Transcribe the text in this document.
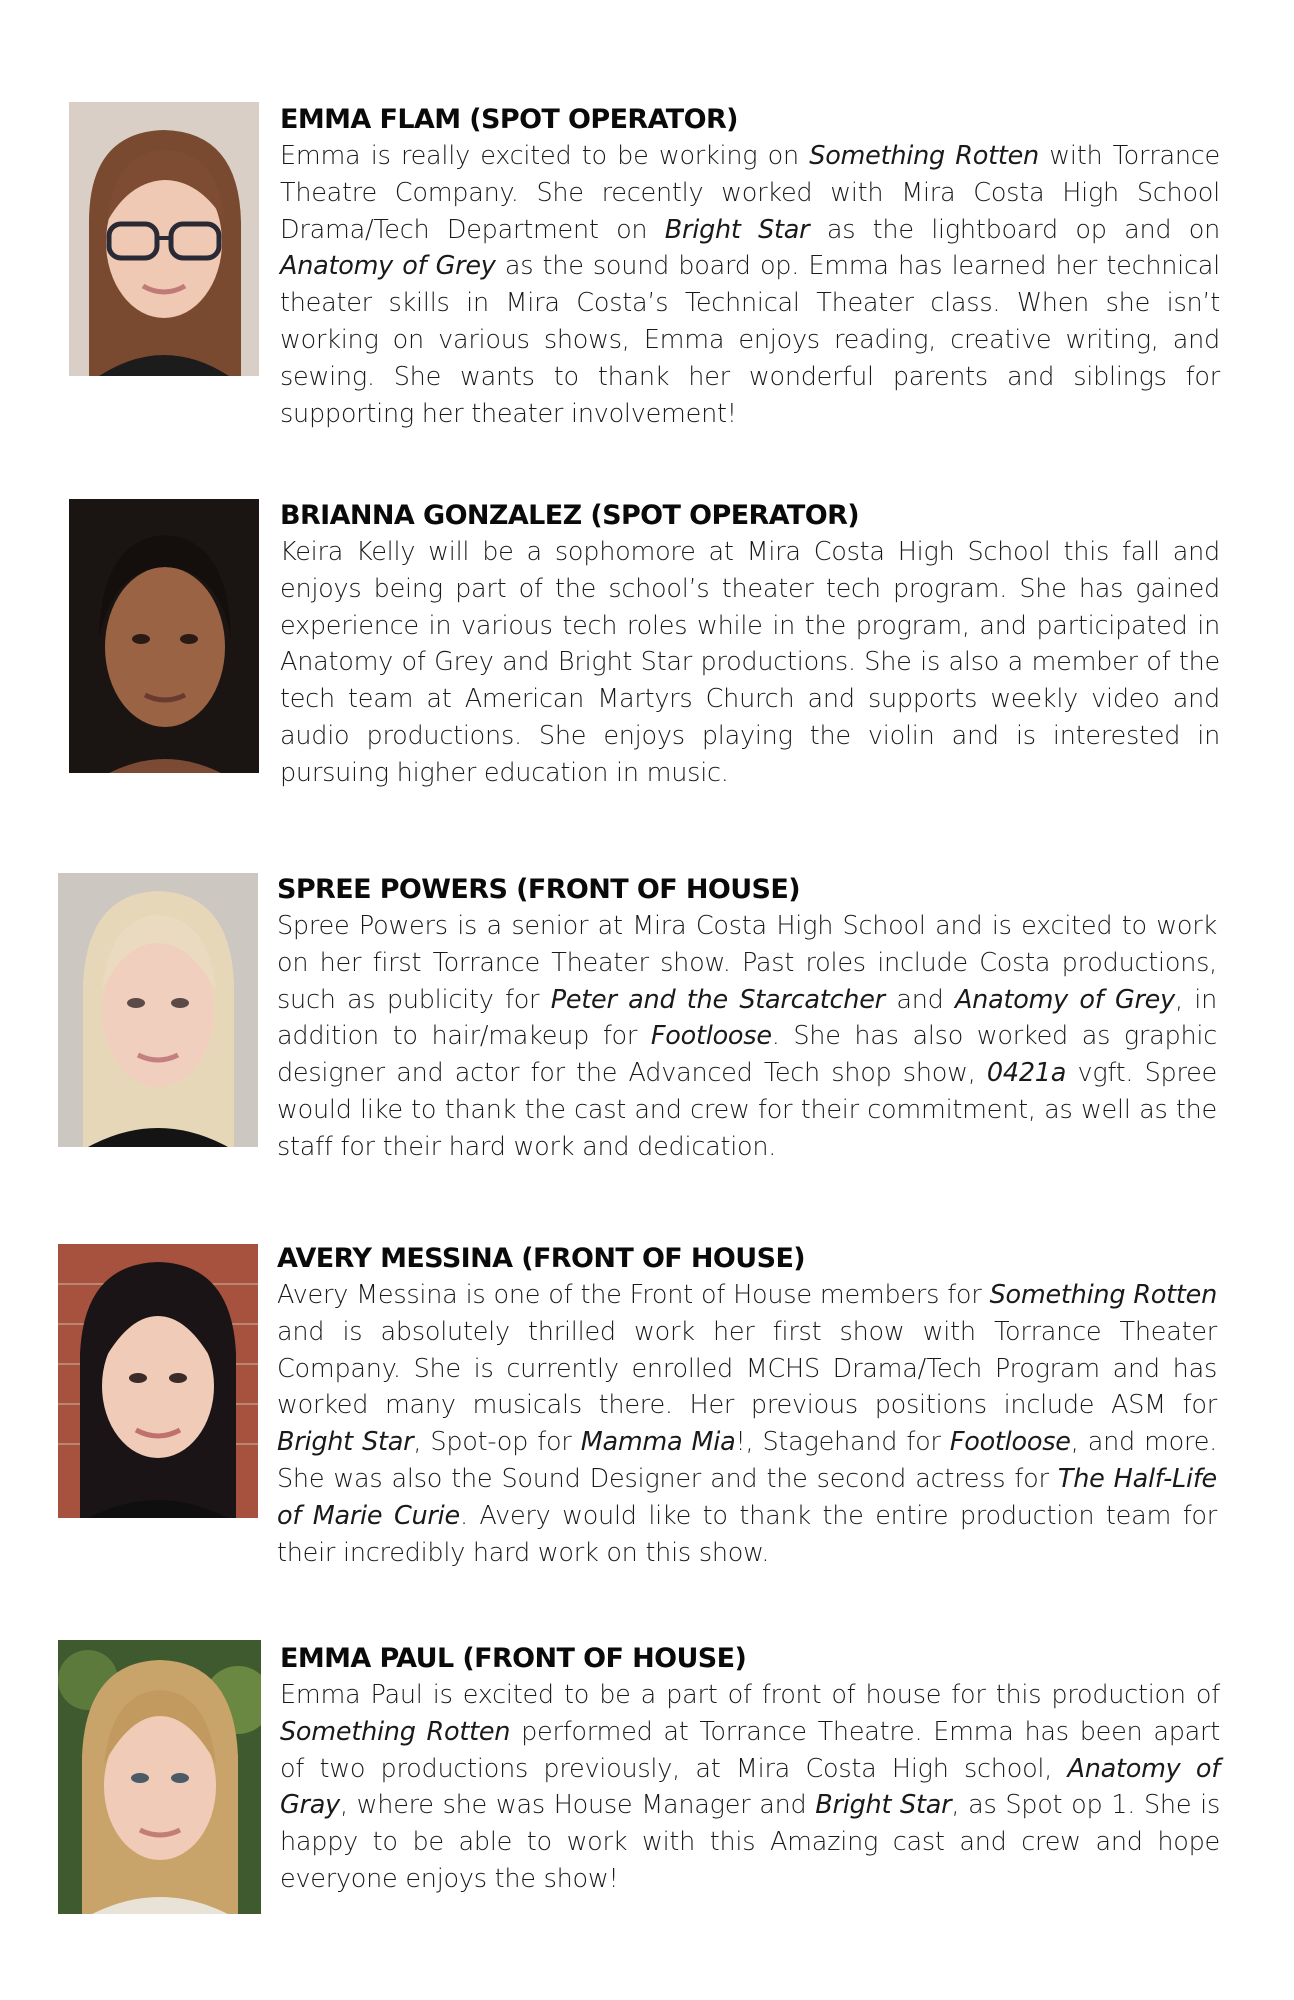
EMMA FLAM (SPOT OPERATOR)

Emma is really excited to be working on Something Rotten with Torrance Theatre Company. She recently worked with Mira Costa High School Drama/Tech Department on Bright Star as the lightboard op and on Anatomy of Grey as the sound board op. Emma has learned her technical theater skills in Mira Costa’s Technical Theater class. When she isn’t working on various shows, Emma enjoys reading, creative writing, and sewing. She wants to thank her wonderful parents and siblings for supporting her theater involvement!

BRIANNA GONZALEZ (SPOT OPERATOR)

Keira Kelly will be a sophomore at Mira Costa High School this fall and enjoys being part of the school’s theater tech program. She has gained experience in various tech roles while in the program, and participated in Anatomy of Grey and Bright Star productions. She is also a member of the tech team at American Martyrs Church and supports weekly video and audio productions. She enjoys playing the violin and is interested in pursuing higher education in music.

SPREE POWERS (FRONT OF HOUSE)

Spree Powers is a senior at Mira Costa High School and is excited to work on her first Torrance Theater show. Past roles include Costa productions, such as publicity for Peter and the Starcatcher and Anatomy of Grey, in addition to hair/makeup for Footloose. She has also worked as graphic designer and actor for the Advanced Tech shop show, 0421a vgft. Spree would like to thank the cast and crew for their commitment, as well as the staff for their hard work and dedication.

AVERY MESSINA (FRONT OF HOUSE)

Avery Messina is one of the Front of House members for Something Rotten and is absolutely thrilled work her first show with Torrance Theater Company. She is currently enrolled MCHS Drama/Tech Program and has worked many musicals there. Her previous positions include ASM for Bright Star, Spot-op for Mamma Mia!, Stagehand for Footloose, and more. She was also the Sound Designer and the second actress for The Half-Life of Marie Curie. Avery would like to thank the entire production team for their incredibly hard work on this show.

EMMA PAUL (FRONT OF HOUSE)

Emma Paul is excited to be a part of front of house for this production of Something Rotten performed at Torrance Theatre. Emma has been apart of two productions previously, at Mira Costa High school, Anatomy of Gray, where she was House Manager and Bright Star, as Spot op 1. She is happy to be able to work with this Amazing cast and crew and hope everyone enjoys the show!
